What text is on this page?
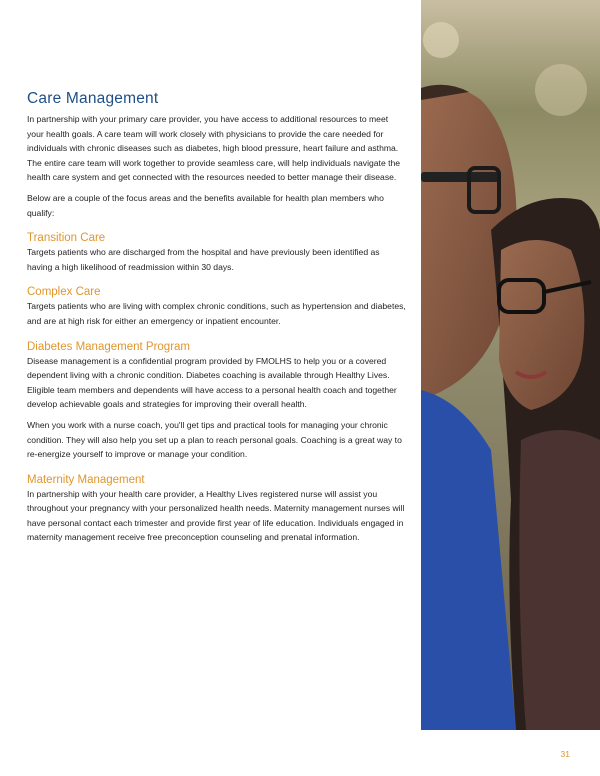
Care Management

In partnership with your primary care provider, you have access to additional resources to meet your health goals. A care team will work closely with physicians to provide the care needed for individuals with chronic diseases such as diabetes, high blood pressure, heart failure and asthma. The entire care team will work together to provide seamless care, will help individuals navigate the health care system and get connected with the resources needed to better manage their disease.

Below are a couple of the focus areas and the benefits available for health plan members who qualify:

Transition Care

Targets patients who are discharged from the hospital and have previously been identified as having a high likelihood of readmission within 30 days.

Complex Care

Targets patients who are living with complex chronic conditions, such as hypertension and diabetes, and are at high risk for either an emergency or inpatient encounter.

Diabetes Management Program

Disease management is a confidential program provided by FMOLHS to help you or a covered dependent living with a chronic condition. Diabetes coaching is available through Healthy Lives. Eligible team members and dependents will have access to a personal health coach and together develop achievable goals and strategies for improving their overall health.

When you work with a nurse coach, you'll get tips and practical tools for managing your chronic condition. They will also help you set up a plan to reach personal goals. Coaching is a great way to re-energize yourself to improve or manage your condition.

Maternity Management

In partnership with your health care provider, a Healthy Lives registered nurse will assist you throughout your pregnancy with your personalized health needs. Maternity management nurses will have personal contact each trimester and provide first year of life education. Individuals engaged in maternity management receive free preconception counseling and prenatal information.

31
